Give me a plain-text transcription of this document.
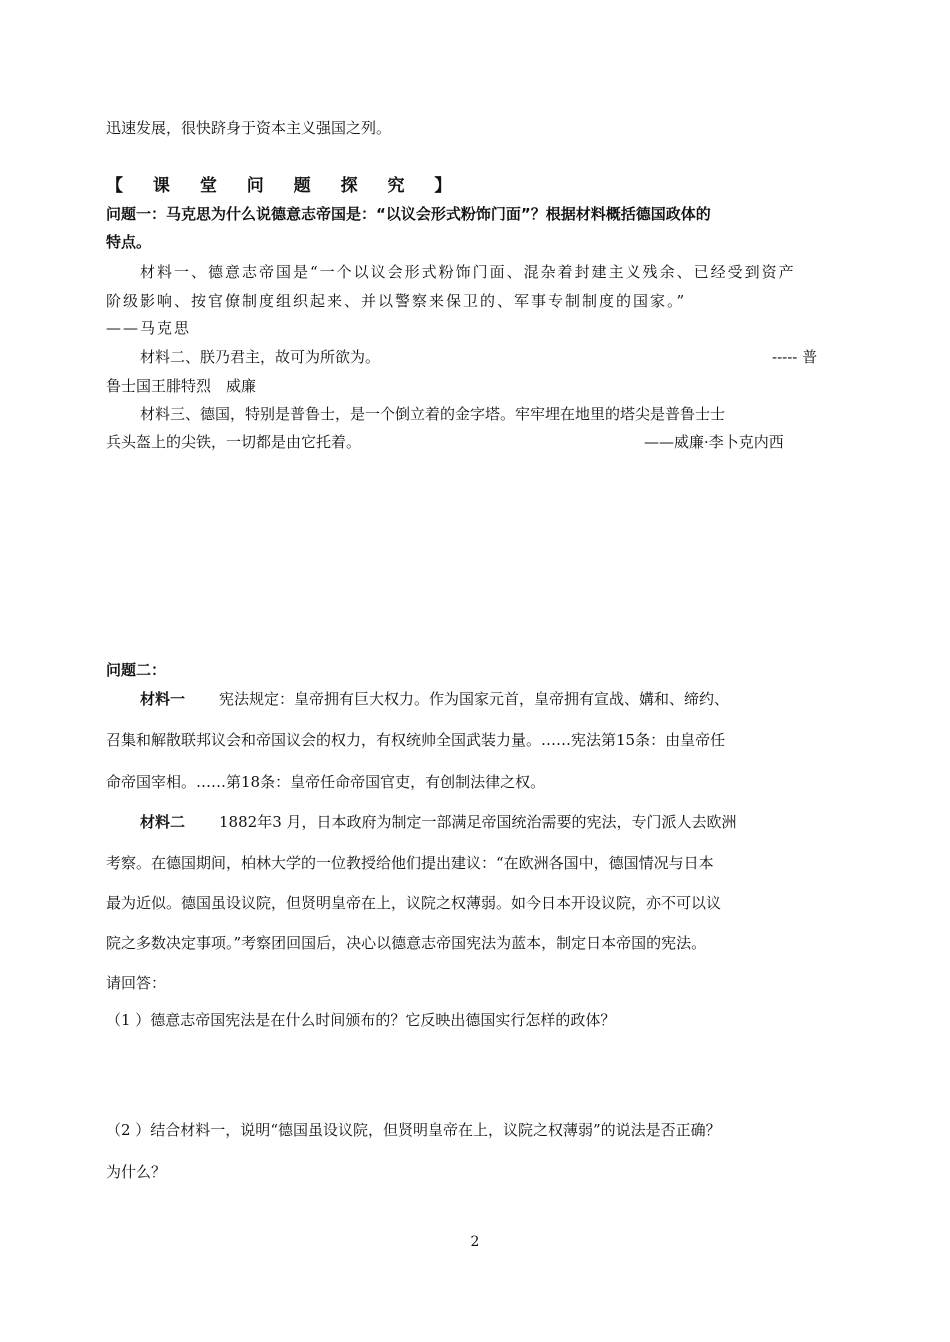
迅速发展，很快跻身于资本主义强国之列。
【 课 堂 问 题 探 究 】
问题一：马克思为什么说德意志帝国是：“以议会形式粉饰门面”？根据材料概括德国政体的
特点。
材料一、德意志帝国是“一个以议会形式粉饰门面、混杂着封建主义残余、已经受到资产
阶级影响、按官僚制度组织起来、并以警察来保卫的、军事专制制度的国家。”
——马克思
材料二、朕乃君主，故可为所欲为。	----- 普
鲁士国王腓特烈　威廉
材料三、德国，特别是普鲁士，是一个倒立着的金字塔。牢牢埋在地里的塔尖是普鲁士士
兵头盔上的尖铁，一切都是由它托着。	——威廉·李卜克内西
问题二：
材料一 宪法规定：皇帝拥有巨大权力。作为国家元首，皇帝拥有宣战、媾和、缔约、
召集和解散联邦议会和帝国议会的权力，有权统帅全国武装力量。……宪法第15条：由皇帝任
命帝国宰相。……第18条：皇帝任命帝国官吏，有创制法律之权。
材料二 1882年3 月，日本政府为制定一部满足帝国统治需要的宪法，专门派人去欧洲
考察。在德国期间，柏林大学的一位教授给他们提出建议：“在欧洲各国中，德国情况与日本
最为近似。德国虽设议院，但贤明皇帝在上，议院之权薄弱。如今日本开设议院，亦不可以议
院之多数决定事项。”考察团回国后，决心以德意志帝国宪法为蓝本，制定日本帝国的宪法。
请回答：
（1 ）德意志帝国宪法是在什么时间颁布的？它反映出德国实行怎样的政体？
（2 ）结合材料一，说明“德国虽设议院，但贤明皇帝在上，议院之权薄弱”的说法是否正确？
为什么？
2
